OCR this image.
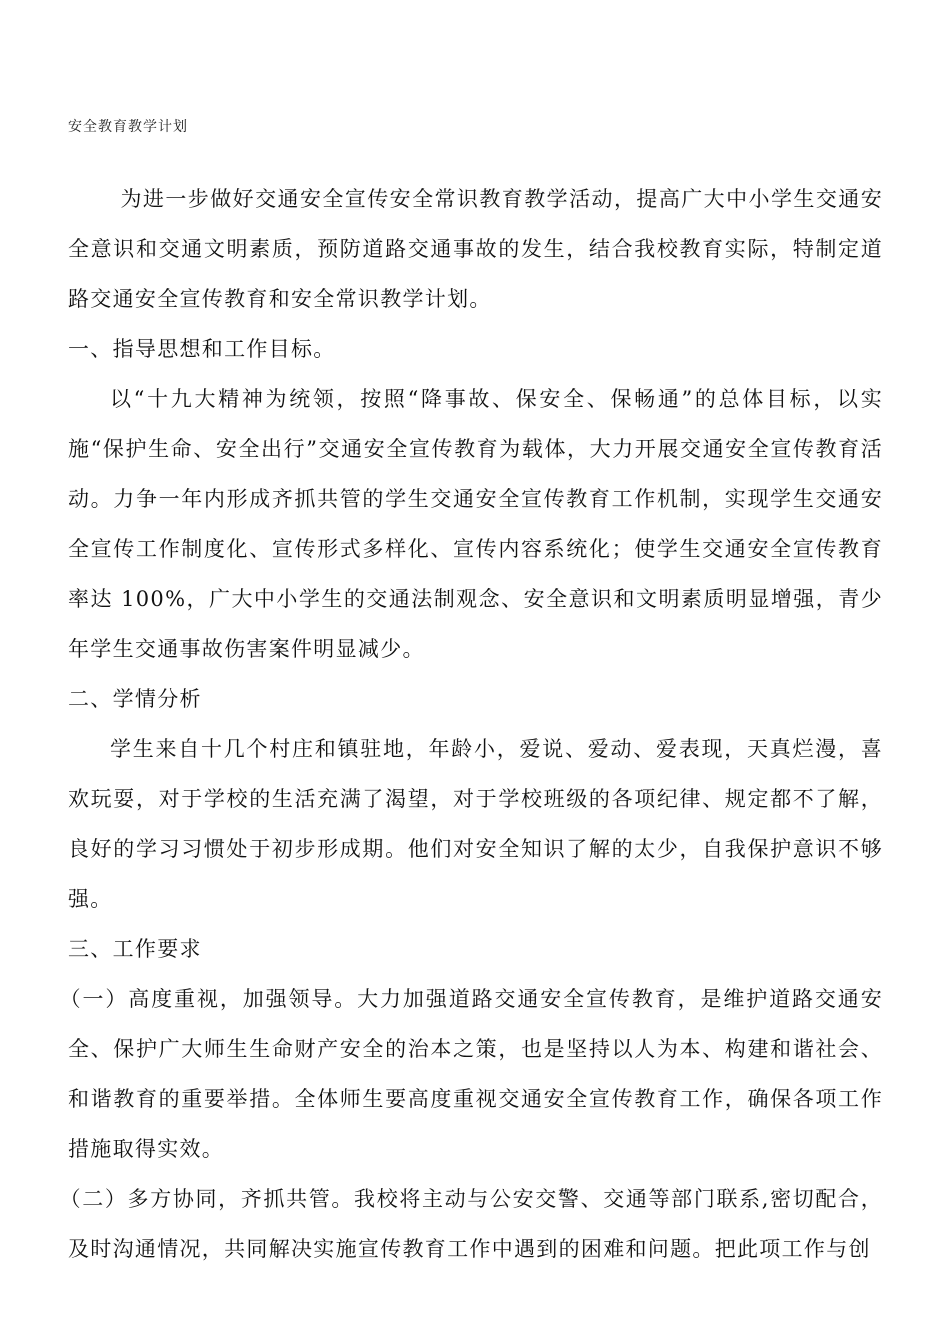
安全教育教学计划

为进一步做好交通安全宣传安全常识教育教学活动，提高广大中小学生交通安全意识和交通文明素质，预防道路交通事故的发生，结合我校教育实际，特制定道路交通安全宣传教育和安全常识教学计划。

一、指导思想和工作目标。

以“十九大精神为统领，按照“降事故、保安全、保畅通”的总体目标，以实施“保护生命、安全出行”交通安全宣传教育为载体，大力开展交通安全宣传教育活动。力争一年内形成齐抓共管的学生交通安全宣传教育工作机制，实现学生交通安全宣传工作制度化、宣传形式多样化、宣传内容系统化；使学生交通安全宣传教育率达 100%，广大中小学生的交通法制观念、安全意识和文明素质明显增强，青少年学生交通事故伤害案件明显减少。

二、学情分析

学生来自十几个村庄和镇驻地，年龄小，爱说、爱动、爱表现，天真烂漫，喜欢玩耍，对于学校的生活充满了渴望，对于学校班级的各项纪律、规定都不了解，良好的学习习惯处于初步形成期。他们对安全知识了解的太少，自我保护意识不够强。

三、工作要求

（一）高度重视，加强领导。大力加强道路交通安全宣传教育，是维护道路交通安全、保护广大师生生命财产安全的治本之策，也是坚持以人为本、构建和谐社会、和谐教育的重要举措。全体师生要高度重视交通安全宣传教育工作，确保各项工作措施取得实效。

（二）多方协同，齐抓共管。我校将主动与公安交警、交通等部门联系,密切配合，及时沟通情况，共同解决实施宣传教育工作中遇到的困难和问题。把此项工作与创
